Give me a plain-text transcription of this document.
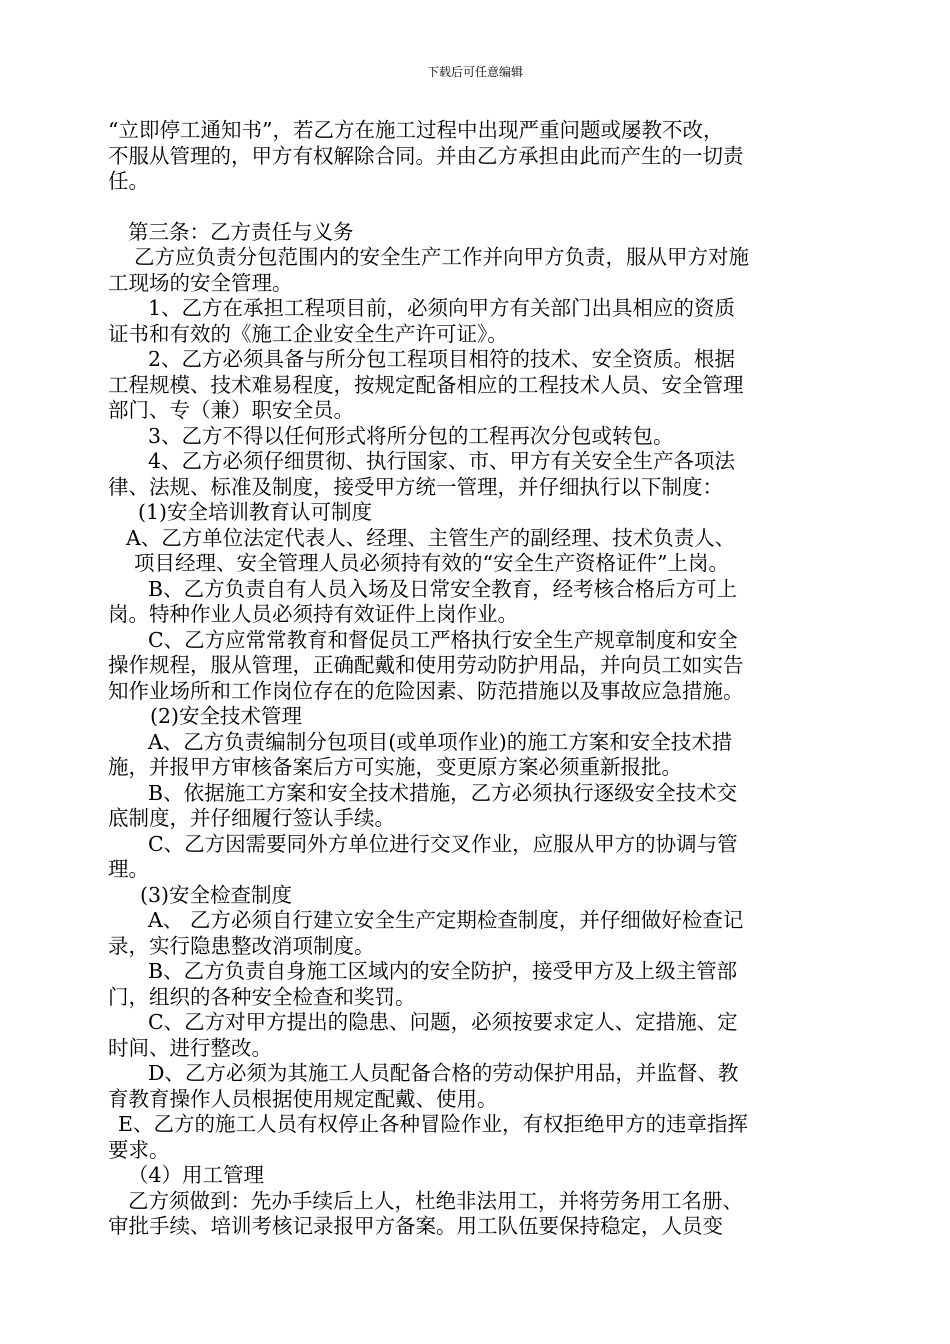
下载后可任意编辑
“立即停工通知书”，若乙方在施工过程中出现严重问题或屡教不改，
不服从管理的，甲方有权解除合同。并由乙方承担由此而产生的一切责
任。
第三条：乙方责任与义务
乙方应负责分包范围内的安全生产工作并向甲方负责，服从甲方对施
工现场的安全管理。
1、乙方在承担工程项目前，必须向甲方有关部门出具相应的资质
证书和有效的《施工企业安全生产许可证》。
2、乙方必须具备与所分包工程项目相符的技术、安全资质。根据
工程规模、技术难易程度，按规定配备相应的工程技术人员、安全管理
部门、专（兼）职安全员。
3、乙方不得以任何形式将所分包的工程再次分包或转包。
4、乙方必须仔细贯彻、执行国家、市、甲方有关安全生产各项法
律、法规、标准及制度，接受甲方统一管理，并仔细执行以下制度：
(1)安全培训教育认可制度
A、乙方单位法定代表人、经理、主管生产的副经理、技术负责人、
项目经理、安全管理人员必须持有效的“安全生产资格证件”上岗。
B、乙方负责自有人员入场及日常安全教育，经考核合格后方可上
岗。特种作业人员必须持有效证件上岗作业。
C、乙方应常常教育和督促员工严格执行安全生产规章制度和安全
操作规程，服从管理，正确配戴和使用劳动防护用品，并向员工如实告
知作业场所和工作岗位存在的危险因素、防范措施以及事故应急措施。
(2)安全技术管理
A、乙方负责编制分包项目(或单项作业)的施工方案和安全技术措
施，并报甲方审核备案后方可实施，变更原方案必须重新报批。
B、依据施工方案和安全技术措施，乙方必须执行逐级安全技术交
底制度，并仔细履行签认手续。
C、乙方因需要同外方单位进行交叉作业，应服从甲方的协调与管
理。
(3)安全检查制度
A、 乙方必须自行建立安全生产定期检查制度，并仔细做好检查记
录，实行隐患整改消项制度。
B、乙方负责自身施工区域内的安全防护，接受甲方及上级主管部
门，组织的各种安全检查和奖罚。
C、乙方对甲方提出的隐患、问题，必须按要求定人、定措施、定
时间、进行整改。
D、乙方必须为其施工人员配备合格的劳动保护用品，并监督、教
育教育操作人员根据使用规定配戴、使用。
E、乙方的施工人员有权停止各种冒险作业，有权拒绝甲方的违章指挥
要求。
（4）用工管理
乙方须做到：先办手续后上人，杜绝非法用工，并将劳务用工名册、
审批手续、培训考核记录报甲方备案。用工队伍要保持稳定，人员变
